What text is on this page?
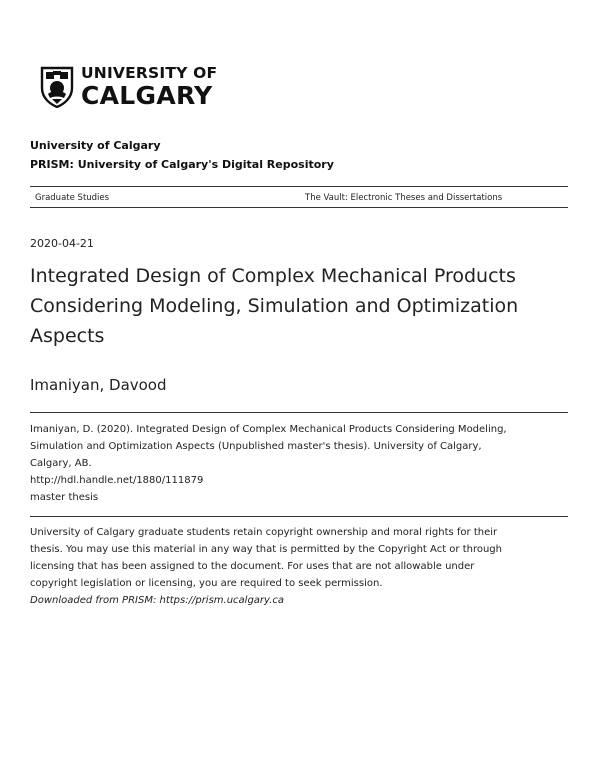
UNIVERSITY OF
CALGARY
University of Calgary
PRISM: University of Calgary's Digital Repository
Graduate Studies	The Vault: Electronic Theses and Dissertations
2020-04-21
Integrated Design of Complex Mechanical Products Considering Modeling, Simulation and Optimization Aspects
Imaniyan, Davood
Imaniyan, D. (2020). Integrated Design of Complex Mechanical Products Considering Modeling,
Simulation and Optimization Aspects (Unpublished master's thesis). University of Calgary,
Calgary, AB.
http://hdl.handle.net/1880/111879
master thesis
University of Calgary graduate students retain copyright ownership and moral rights for their
thesis. You may use this material in any way that is permitted by the Copyright Act or through
licensing that has been assigned to the document. For uses that are not allowable under
copyright legislation or licensing, you are required to seek permission.
Downloaded from PRISM: https://prism.ucalgary.ca
